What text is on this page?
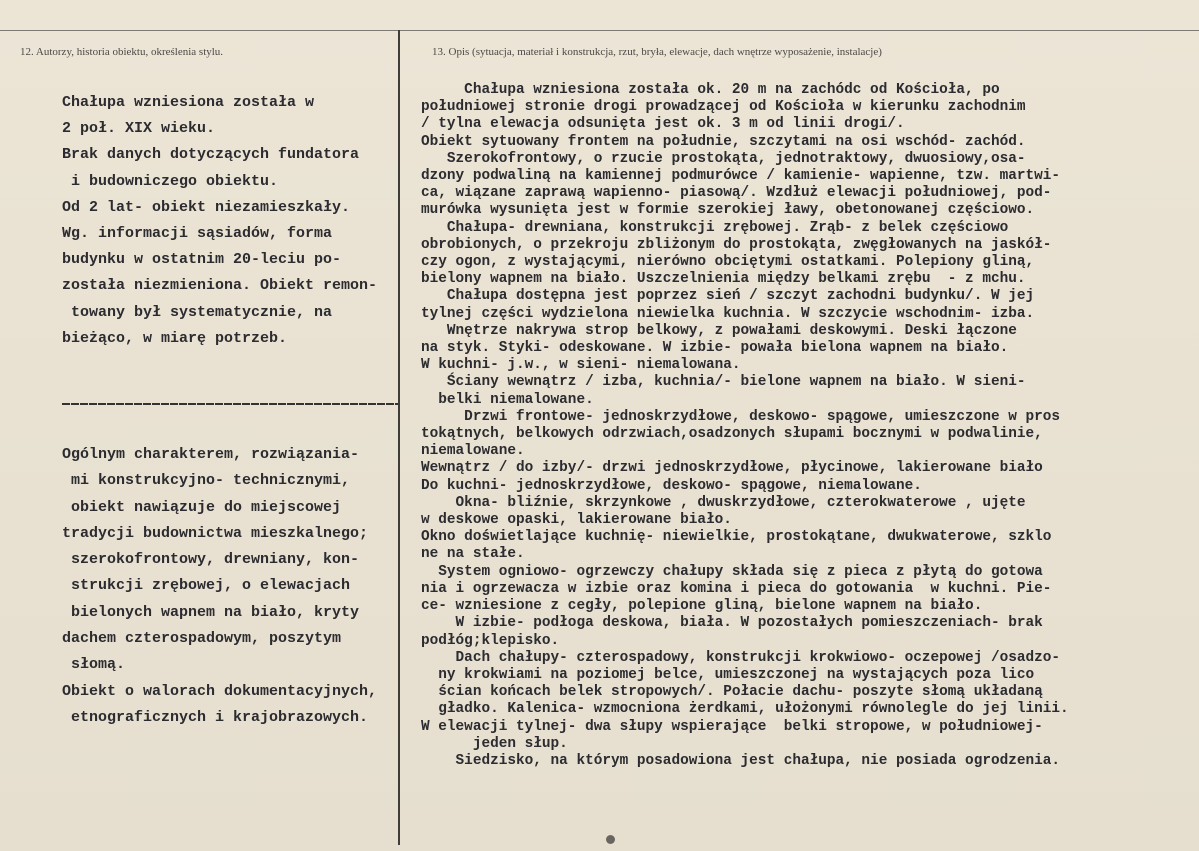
12. Autorzy, historia obiektu, określenia stylu.	13. Opis (sytuacja, materiał i konstrukcja, rzut, bryła, elewacje, dach wnętrze wyposażenie, instalacje)
Chałupa wzniesiona została w
2 poł. XIX wieku.
Brak danych dotyczących fundatora
i budowniczego obiektu.
Od 2 lat- obiekt niezamieszkały.
Wg. informacji sąsiadów, forma
budynku w ostatnim 20-leciu po-
została niezmieniona. Obiekt remon-
towany był systematycznie, na
bieżąco, w miarę potrzeb.
Ogólnym charakterem, rozwiązania-
mi konstrukcyjno- technicznymi,
obiekt nawiązuje do miejscowej
tradycji budownictwa mieszkalnego;
szerokofrontowy, drewniany, kon-
strukcji zrębowej, o elewacjach
bielonych wapnem na biało, kryty
dachem czterospadowym, poszytym
słomą.
Obiekt o walorach dokumentacyjnych,
etnograficznych i krajobrazowych.
Chałupa wzniesiona została ok. 20 m na zachódc od Kościoła, po
południowej stronie drogi prowadzącej od Kościoła w kierunku zachodnim
/ tylna elewacja odsunięta jest ok. 3 m od linii drogi/.
Obiekt sytuowany frontem na południe, szczytami na osi wschód- zachód.
Szerokofrontowy, o rzucie prostokąta, jednotraktowy, dwuosiowy,osa-
dzony podwaliną na kamiennej podmurówce / kamienie- wapienne, tzw. martwi-
ca, wiązane zaprawą wapienno- piasową/. Wzdłuż elewacji południowej, pod-
murówka wysunięta jest w formie szerokiej ławy, obetonowanej częściowo.
Chałupa- drewniana, konstrukcji zrębowej. Zrąb- z belek częściowo
obrobionych, o przekroju zbliżonym do prostokąta, zwęgłowanych na jaskół-
czy ogon, z wystającymi, nierówno obciętymi ostatkami. Polepiony gliną,
bielony wapnem na biało. Uszczelnienia między belkami zrębu  - z mchu.
Chałupa dostępna jest poprzez sień / szczyt zachodni budynku/. W jej
tylnej części wydzielona niewielka kuchnia. W szczycie wschodnim- izba.
Wnętrze nakrywa strop belkowy, z powałami deskowymi. Deski łączone
na styk. Styki- odeskowane. W izbie- powała bielona wapnem na biało.
W kuchni- j.w., w sieni- niemalowana.
Ściany wewnątrz / izba, kuchnia/- bielone wapnem na biało. W sieni-
belki niemalowane.
Drzwi frontowe- jednoskrzydłowe, deskowo- spągowe, umieszczone w pros
tokątnych, belkowych odrzwiach,osadzonych słupami bocznymi w podwalinie,
niemalowane.
Wewnątrz / do izby/- drzwi jednoskrzydłowe, płycinowe, lakierowane biało
Do kuchni- jednoskrzydłowe, deskowo- spągowe, niemalowane.
Okna- bliźnie, skrzynkowe , dwuskrzydłowe, czterokwaterowe , ujęte
w deskowe opaski, lakierowane biało.
Okno doświetlające kuchnię- niewielkie, prostokątane, dwukwaterowe, szklo
ne na stałe.
System ogniowo- ogrzewczy chałupy składa się z pieca z płytą do gotowa
nia i ogrzewacza w izbie oraz komina i pieca do gotowania  w kuchni. Pie-
ce- wzniesione z cegły, polepione gliną, bielone wapnem na biało.
W izbie- podłoga deskowa, biała. W pozostałych pomieszczeniach- brak
podłóg;klepisko.
Dach chałupy- czterospadowy, konstrukcji krokwiowo- oczepowej /osadzo-
ny krokwiami na poziomej belce, umieszczonej na wystających poza lico
ścian końcach belek stropowych/. Połacie dachu- poszyte słomą układaną
gładko. Kalenica- wzmocniona żerdkami, ułożonymi równolegle do jej linii.
W elewacji tylnej- dwa słupy wspierające  belki stropowe, w południowej-
jeden słup.
Siedzisko, na którym posadowiona jest chałupa, nie posiada ogrodzenia.
